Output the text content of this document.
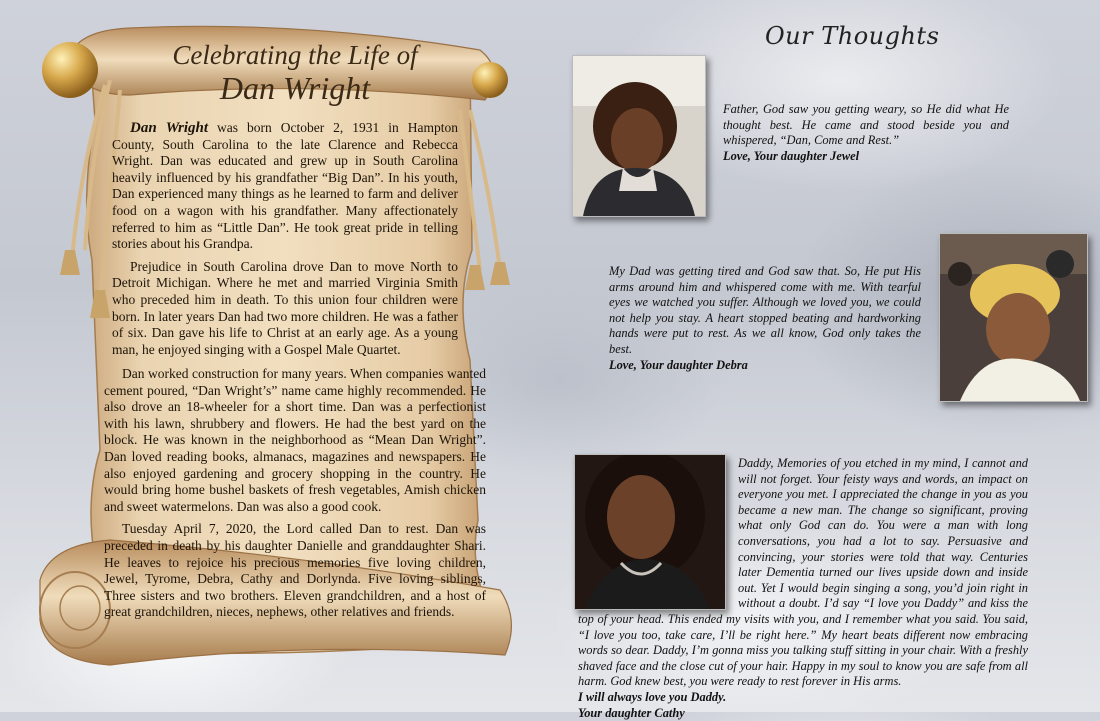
Celebrating the Life of
Dan Wright

Dan Wright was born October 2, 1931 in Hampton County, South Carolina to the late Clarence and Rebecca Wright. Dan was educated and grew up in South Carolina heavily influenced by his grandfather “Big Dan”. In his youth, Dan experienced many things as he learned to farm and deliver food on a wagon with his grandfather. Many affectionately referred to him as “Little Dan”. He took great pride in telling stories about his Grandpa.

Prejudice in South Carolina drove Dan to move North to Detroit Michigan. Where he met and married Virginia Smith who preceded him in death. To this union four children were born. In later years Dan had two more children. He was a father of six. Dan gave his life to Christ at an early age. As a young man, he enjoyed singing with a Gospel Male Quartet.

Dan worked construction for many years. When companies wanted cement poured, “Dan Wright’s” name came highly recommended. He also drove an 18-wheeler for a short time. Dan was a perfectionist with his lawn, shrubbery and flowers. He had the best yard on the block. He was known in the neighborhood as “Mean Dan Wright”. Dan loved reading books, almanacs, magazines and newspapers. He also enjoyed gardening and grocery shopping in the country. He would bring home bushel baskets of fresh vegetables, Amish chicken and sweet watermelons. Dan was also a good cook.

Tuesday April 7, 2020, the Lord called Dan to rest. Dan was preceded in death by his daughter Danielle and granddaughter Shari. He leaves to rejoice his precious memories five loving children, Jewel, Tyrome, Debra, Cathy and Dorlynda. Five loving siblings, Three sisters and two brothers. Eleven grandchildren, and a host of great grandchildren, nieces, nephews, other relatives and friends.

Our Thoughts
Father, God saw you getting weary, so He did what He thought best. He came and stood beside you and whispered, “Dan, Come and Rest.”
Love, Your daughter Jewel
My Dad was getting tired and God saw that. So, He put His arms around him and whispered come with me. With tearful eyes we watched you suffer. Although we loved you, we could not help you stay. A heart stopped beating and hardworking hands were put to rest. As we all know, God only takes the best.
Love, Your daughter Debra
Daddy, Memories of you etched in my mind, I cannot and will not forget. Your feisty ways and words, an impact on everyone you met. I appreciated the change in you as you became a new man. The change so significant, proving what only God can do. You were a man with long conversations, you had a lot to say. Persuasive and convincing, your stories were told that way. Centuries later Dementia turned our lives upside down and inside out. Yet I would begin singing a song, you’d join right in without a doubt. I’d say “I love you Daddy” and kiss the top of your head. This ended my visits with you, and I remember what you said. You said, “I love you too, take care, I’ll be right here.” My heart beats different now embracing words so dear. Daddy, I’m gonna miss you talking stuff sitting in your chair. With a freshly shaved face and the close cut of your hair. Happy in my soul to know you are safe from all harm. God knew best, you were ready to rest forever in His arms.
I will always love you Daddy.
Your daughter Cathy
